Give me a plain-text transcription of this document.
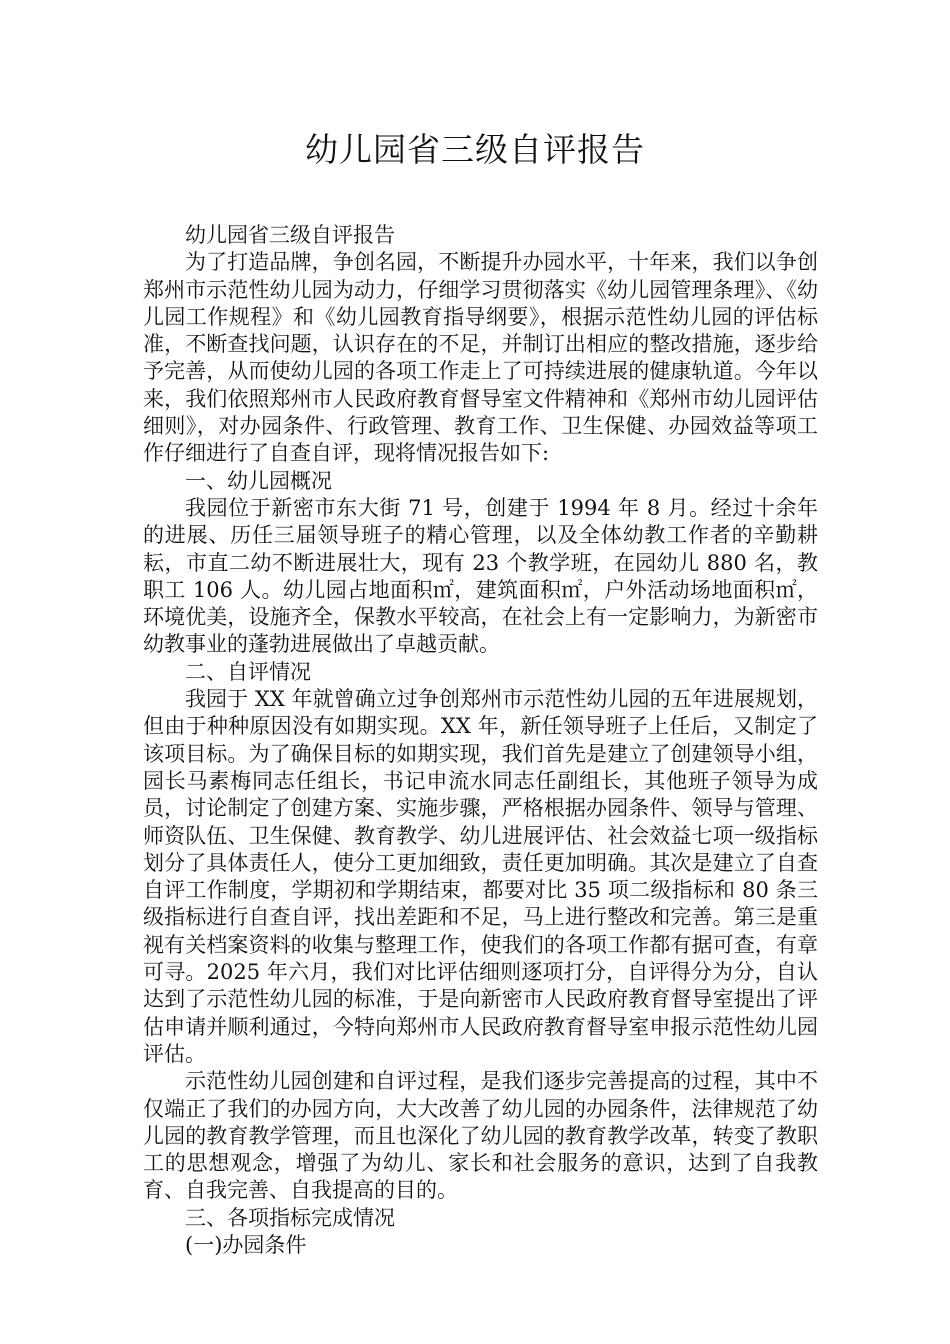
幼儿园省三级自评报告

幼儿园省三级自评报告

为了打造品牌，争创名园，不断提升办园水平，十年来，我们以争创郑州市示范性幼儿园为动力，仔细学习贯彻落实《幼儿园管理条理》、《幼儿园工作规程》和《幼儿园教育指导纲要》，根据示范性幼儿园的评估标准，不断查找问题，认识存在的不足，并制订出相应的整改措施，逐步给予完善，从而使幼儿园的各项工作走上了可持续进展的健康轨道。今年以来，我们依照郑州市人民政府教育督导室文件精神和《郑州市幼儿园评估细则》，对办园条件、行政管理、教育工作、卫生保健、办园效益等项工作仔细进行了自查自评，现将情况报告如下:

一、幼儿园概况

我园位于新密市东大街 71 号，创建于 1994 年 8 月。经过十余年的进展、历任三届领导班子的精心管理，以及全体幼教工作者的辛勤耕耘，市直二幼不断进展壮大，现有 23 个教学班，在园幼儿 880 名，教职工 106 人。幼儿园占地面积㎡，建筑面积㎡，户外活动场地面积㎡，环境优美，设施齐全，保教水平较高，在社会上有一定影响力，为新密市幼教事业的蓬勃进展做出了卓越贡献。

二、自评情况

我园于 XX 年就曾确立过争创郑州市示范性幼儿园的五年进展规划，但由于种种原因没有如期实现。XX 年，新任领导班子上任后，又制定了该项目标。为了确保目标的如期实现，我们首先是建立了创建领导小组，园长马素梅同志任组长，书记申流水同志任副组长，其他班子领导为成员，讨论制定了创建方案、实施步骤，严格根据办园条件、领导与管理、师资队伍、卫生保健、教育教学、幼儿进展评估、社会效益七项一级指标划分了具体责任人，使分工更加细致，责任更加明确。其次是建立了自查自评工作制度，学期初和学期结束，都要对比 35 项二级指标和 80 条三级指标进行自查自评，找出差距和不足，马上进行整改和完善。第三是重视有关档案资料的收集与整理工作，使我们的各项工作都有据可查，有章可寻。2025 年六月，我们对比评估细则逐项打分，自评得分为分，自认达到了示范性幼儿园的标准，于是向新密市人民政府教育督导室提出了评估申请并顺利通过，今特向郑州市人民政府教育督导室申报示范性幼儿园评估。

示范性幼儿园创建和自评过程，是我们逐步完善提高的过程，其中不仅端正了我们的办园方向，大大改善了幼儿园的办园条件，法律规范了幼儿园的教育教学管理，而且也深化了幼儿园的教育教学改革，转变了教职工的思想观念，增强了为幼儿、家长和社会服务的意识，达到了自我教育、自我完善、自我提高的目的。

三、各项指标完成情况

(一)办园条件
